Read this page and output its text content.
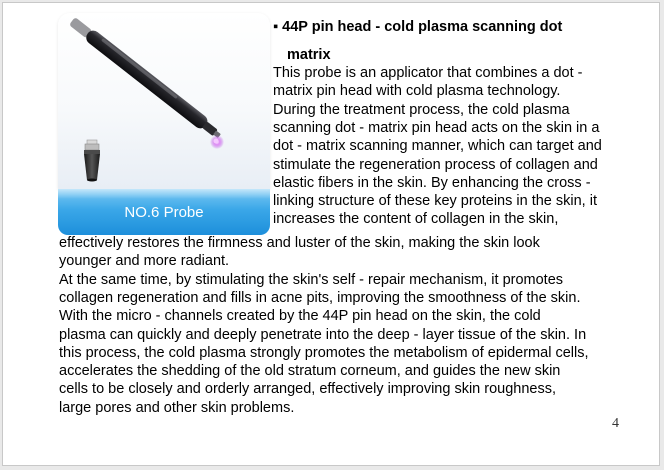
NO.6 Probe
▪ 44P pin head - cold plasma scanning dot
matrix
This probe is an applicator that combines a dot -
matrix pin head with cold plasma technology.
During the treatment process, the cold plasma
scanning dot - matrix pin head acts on the skin in a
dot - matrix scanning manner, which can target and
stimulate the regeneration process of collagen and
elastic fibers in the skin. By enhancing the cross -
linking structure of these key proteins in the skin, it
increases the content of collagen in the skin,
effectively restores the firmness and luster of the skin, making the skin look
younger and more radiant.
At the same time, by stimulating the skin's self - repair mechanism, it promotes
collagen regeneration and fills in acne pits, improving the smoothness of the skin.
With the micro - channels created by the 44P pin head on the skin, the cold
plasma can quickly and deeply penetrate into the deep - layer tissue of the skin. In
this process, the cold plasma strongly promotes the metabolism of epidermal cells,
accelerates the shedding of the old stratum corneum, and guides the new skin
cells to be closely and orderly arranged, effectively improving skin roughness,
large pores and other skin problems.
4
